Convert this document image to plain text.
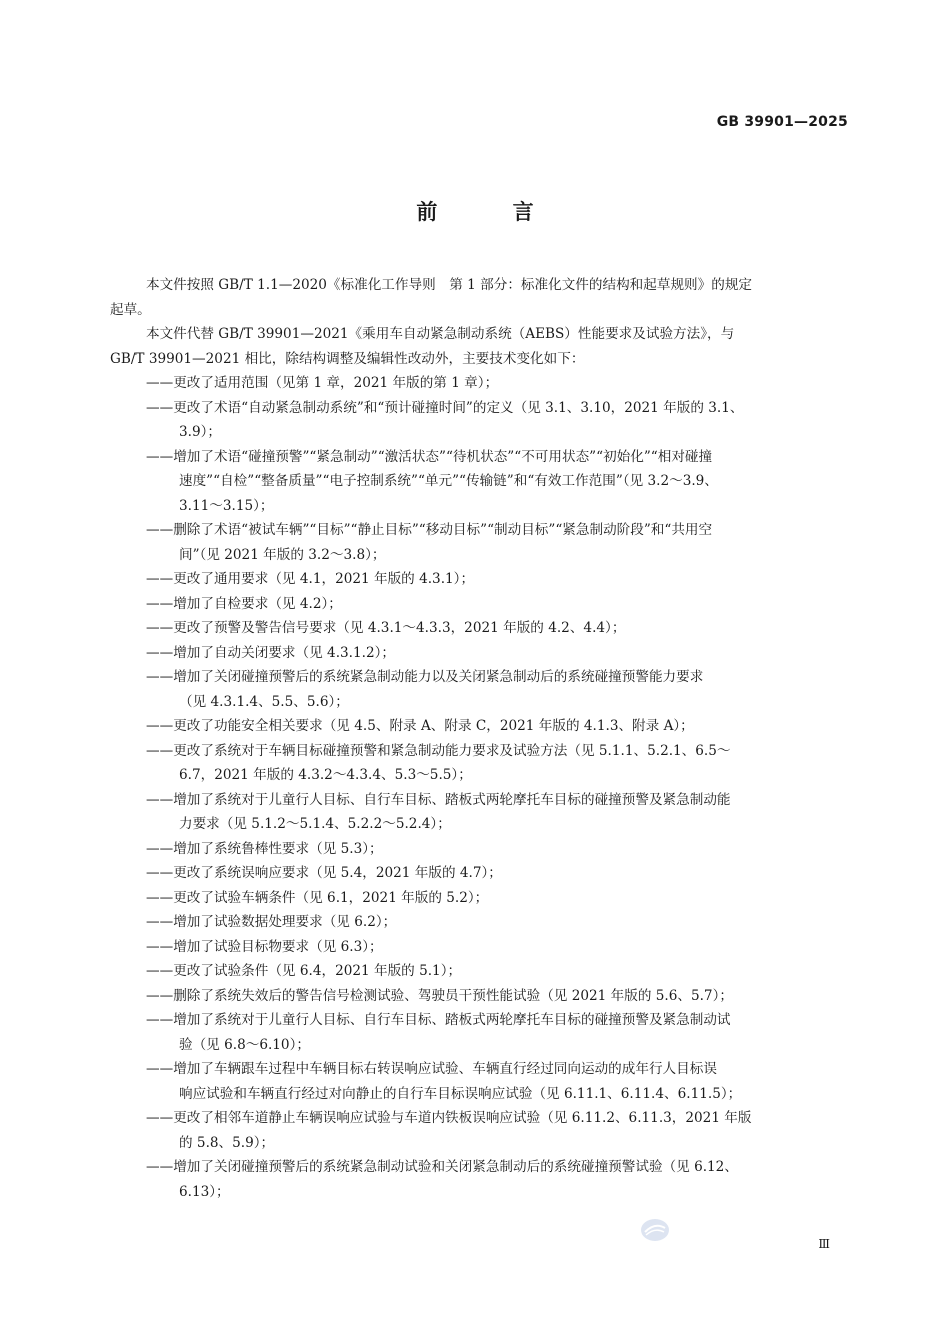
GB 39901—2025
前 言
本文件按照 GB/T 1.1—2020《标准化工作导则　第 1 部分：标准化文件的结构和起草规则》的规定
起草。
本文件代替 GB/T 39901—2021《乘用车自动紧急制动系统（AEBS）性能要求及试验方法》，与
GB/T 39901—2021 相比，除结构调整及编辑性改动外，主要技术变化如下：
——更改了适用范围（见第 1 章，2021 年版的第 1 章）；
——更改了术语“自动紧急制动系统”和“预计碰撞时间”的定义（见 3.1、3.10，2021 年版的 3.1、
3.9）；
——增加了术语“碰撞预警”“紧急制动”“激活状态”“待机状态”“不可用状态”“初始化”“相对碰撞
速度”“自检”“整备质量”“电子控制系统”“单元”“传输链”和“有效工作范围”（见 3.2～3.9、
3.11～3.15）；
——删除了术语“被试车辆”“目标”“静止目标”“移动目标”“制动目标”“紧急制动阶段”和“共用空
间”（见 2021 年版的 3.2～3.8）；
——更改了通用要求（见 4.1，2021 年版的 4.3.1）；
——增加了自检要求（见 4.2）；
——更改了预警及警告信号要求（见 4.3.1～4.3.3，2021 年版的 4.2、4.4）；
——增加了自动关闭要求（见 4.3.1.2）；
——增加了关闭碰撞预警后的系统紧急制动能力以及关闭紧急制动后的系统碰撞预警能力要求
（见 4.3.1.4、5.5、5.6）；
——更改了功能安全相关要求（见 4.5、附录 A、附录 C，2021 年版的 4.1.3、附录 A）；
——更改了系统对于车辆目标碰撞预警和紧急制动能力要求及试验方法（见 5.1.1、5.2.1、6.5～
6.7，2021 年版的 4.3.2～4.3.4、5.3～5.5）；
——增加了系统对于儿童行人目标、自行车目标、踏板式两轮摩托车目标的碰撞预警及紧急制动能
力要求（见 5.1.2～5.1.4、5.2.2～5.2.4）；
——增加了系统鲁棒性要求（见 5.3）；
——更改了系统误响应要求（见 5.4，2021 年版的 4.7）；
——更改了试验车辆条件（见 6.1，2021 年版的 5.2）；
——增加了试验数据处理要求（见 6.2）；
——增加了试验目标物要求（见 6.3）；
——更改了试验条件（见 6.4，2021 年版的 5.1）；
——删除了系统失效后的警告信号检测试验、驾驶员干预性能试验（见 2021 年版的 5.6、5.7）；
——增加了系统对于儿童行人目标、自行车目标、踏板式两轮摩托车目标的碰撞预警及紧急制动试
验（见 6.8～6.10）；
——增加了车辆跟车过程中车辆目标右转误响应试验、车辆直行经过同向运动的成年行人目标误
响应试验和车辆直行经过对向静止的自行车目标误响应试验（见 6.11.1、6.11.4、6.11.5）；
——更改了相邻车道静止车辆误响应试验与车道内铁板误响应试验（见 6.11.2、6.11.3，2021 年版
的 5.8、5.9）；
——增加了关闭碰撞预警后的系统紧急制动试验和关闭紧急制动后的系统碰撞预警试验（见 6.12、
6.13）；
Ⅲ
